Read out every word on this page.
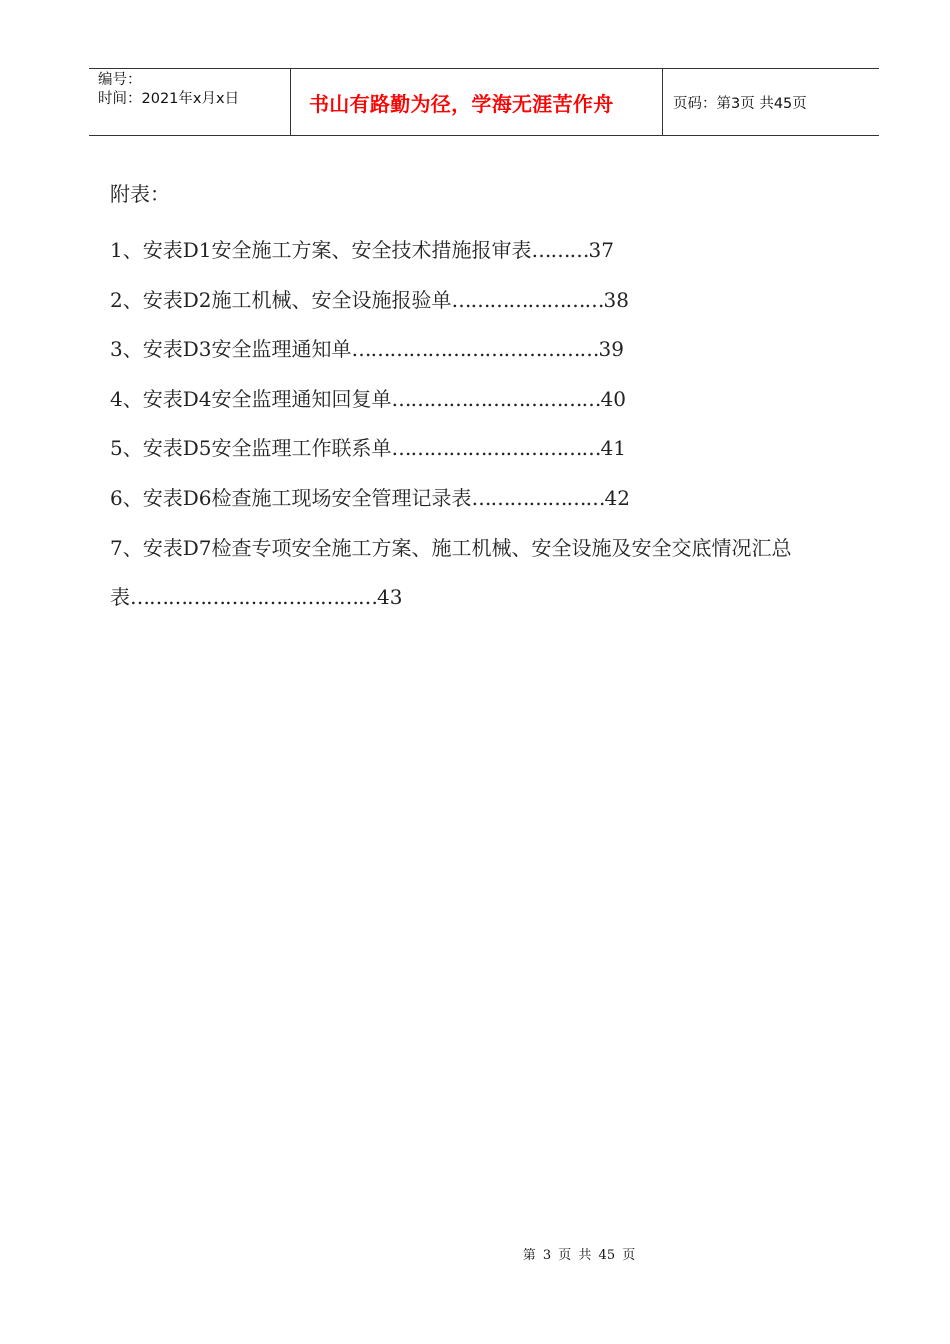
编号：
时间：2021年x月x日	书山有路勤为径，学海无涯苦作舟	页码：第3页 共45页
附表：
1、安表D1安全施工方案、安全技术措施报审表………37
2、安表D2施工机械、安全设施报验单……………………38
3、安表D3安全监理通知单…………………………………39
4、安表D4安全监理通知回复单……………………………40
5、安表D5安全监理工作联系单……………………………41
6、安表D6检查施工现场安全管理记录表…………………42
7、安表D7检查专项安全施工方案、施工机械、安全设施及安全交底情况汇总表…………………………………43
第 3 页 共 45 页
